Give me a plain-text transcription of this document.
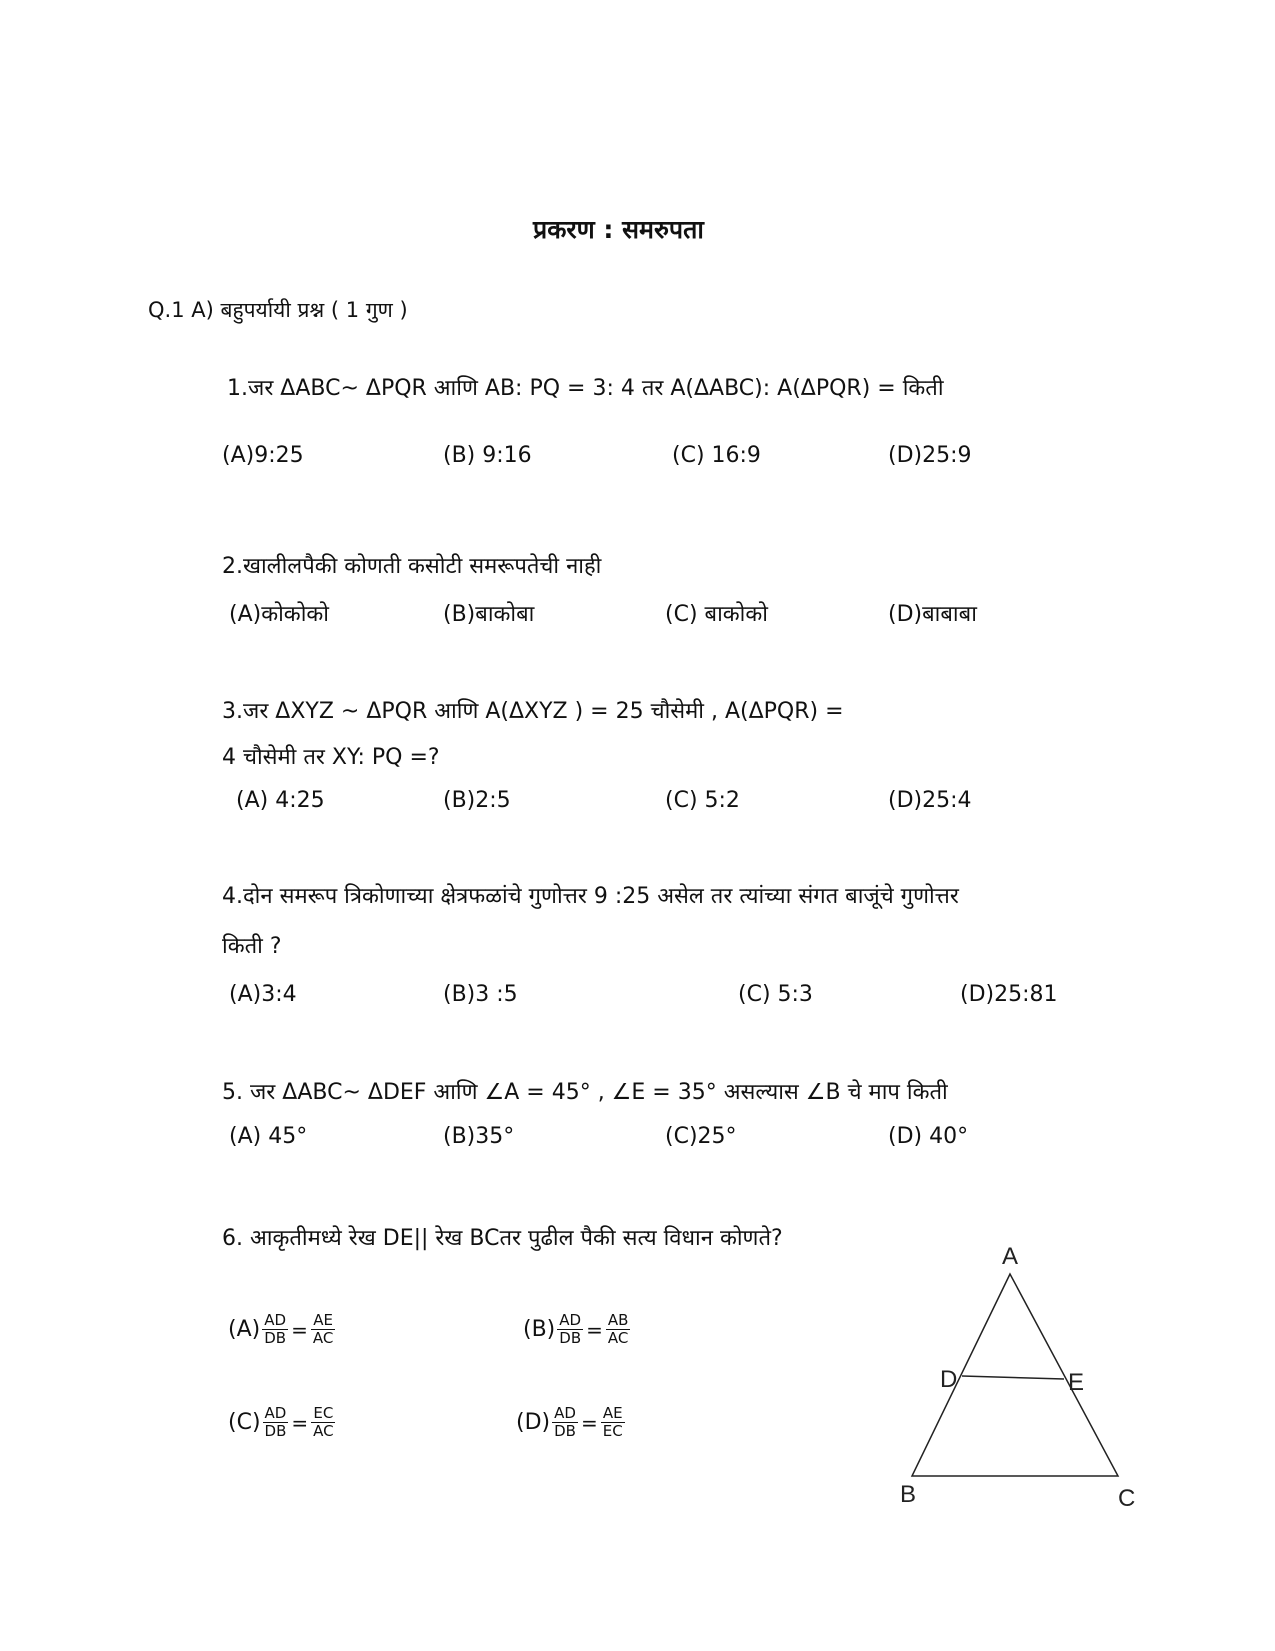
प्रकरण : समरुपता
Q.1 A) बहुपर्यायी प्रश्न ( 1 गुण )
1.जर ΔABC~ ΔPQR आणि AB: PQ = 3: 4 तर A(ΔABC): A(ΔPQR) = किती
(A)9:25	(B) 9:16	(C) 16:9	(D)25:9
2.खालीलपैकी कोणती कसोटी समरूपतेची नाही
(A)कोकोको	(B)बाकोबा	(C) बाकोको	(D)बाबाबा
3.जर ΔXYZ ~ ΔPQR आणि A(ΔXYZ ) = 25 चौसेमी , A(ΔPQR) =
4 चौसेमी तर XY: PQ =?
(A) 4:25	(B)2:5	(C) 5:2	(D)25:4
4.दोन समरूप त्रिकोणाच्या क्षेत्रफळांचे गुणोत्तर 9 :25 असेल तर त्यांच्या संगत बाजूंचे गुणोत्तर
किती ?
(A)3:4	(B)3 :5	(C) 5:3	(D)25:81
5. जर ΔABC~ ΔDEF आणि ∠A = 45° , ∠E = 35° असल्यास ∠B चे माप किती
(A) 45°	(B)35°	(C)25°	(D) 40°
6. आकृतीमध्ये रेख DE|| रेख BCतर पुढील पैकी सत्य विधान कोणते?
$(A) \frac{AD}{DB} = \frac{AE}{AC}$	$(B) \frac{AD}{DB} = \frac{AB}{AC}$
$(C) \frac{AD}{DB} = \frac{EC}{AC}$	$(D) \frac{AD}{DB} = \frac{AE}{EC}$
A
D	E
B	C
